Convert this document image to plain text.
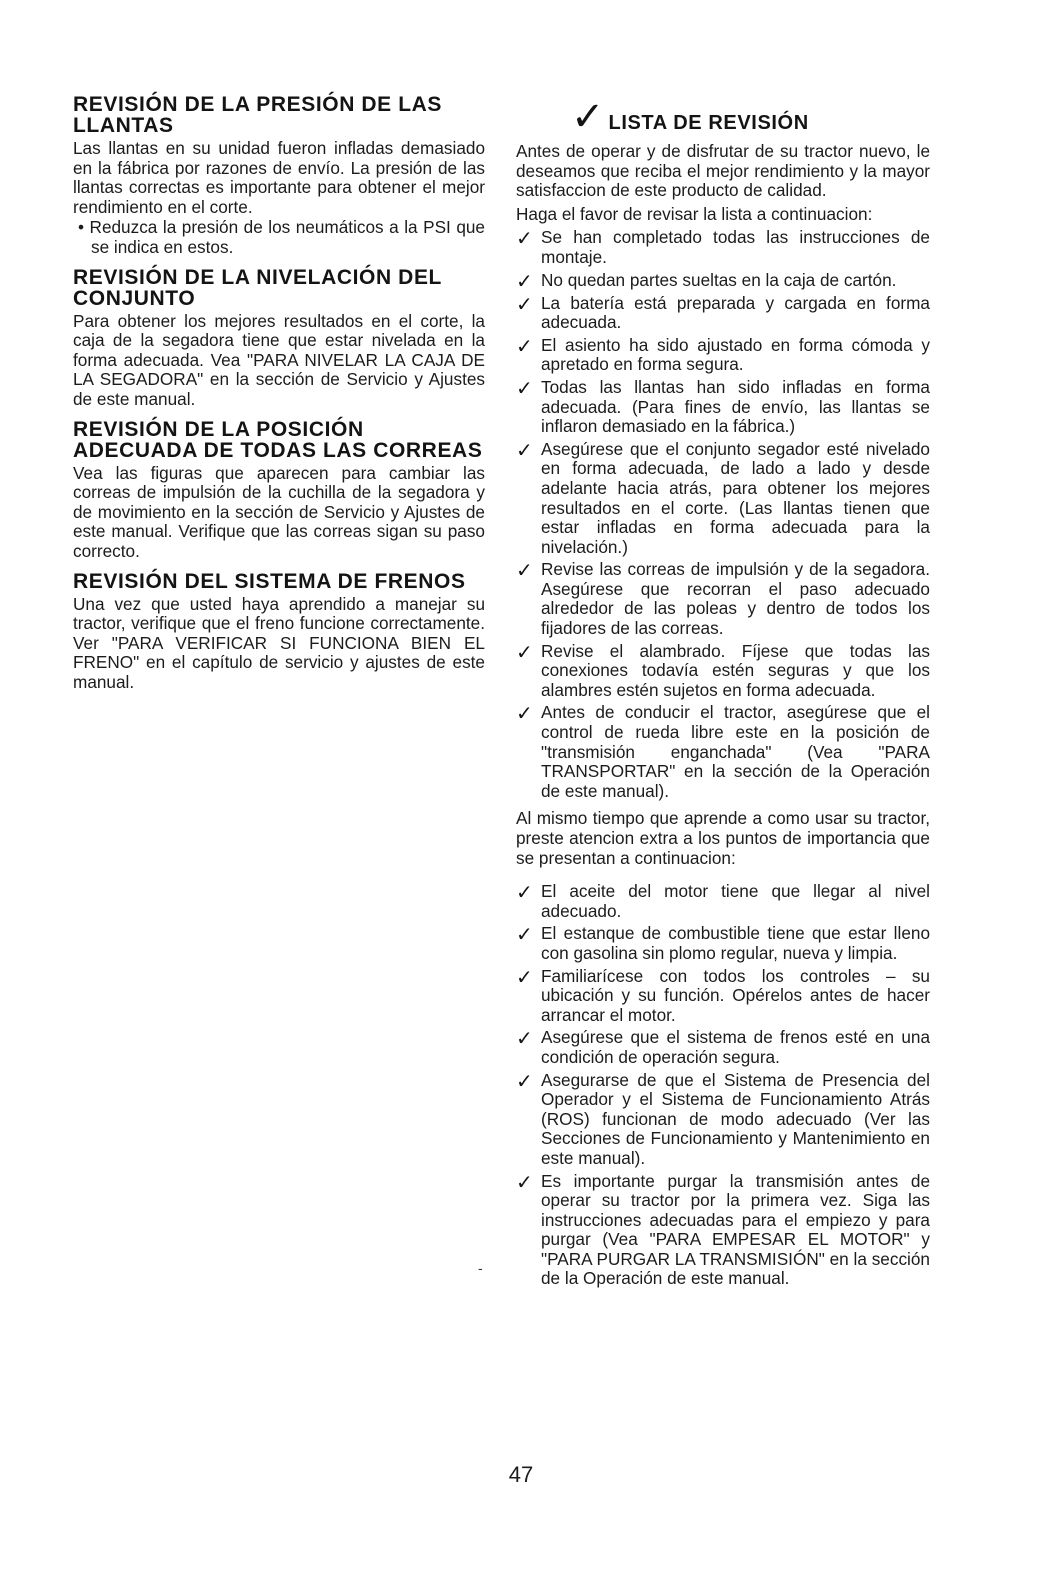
REVISIÓN DE LA PRESIÓN DE LAS LLANTAS

Las llantas en su unidad fueron infladas demasiado en la fábrica por razones de envío. La presión de las llantas correctas es importante para obtener el mejor rendimiento en el corte.

• Reduzca la presión de los neumáticos a la PSI que se indica en estos.

REVISIÓN DE LA NIVELACIÓN DEL CONJUNTO

Para obtener los mejores resultados en el corte, la caja de la segadora tiene que estar nivelada en la forma adecuada. Vea "PARA NIVELAR LA CAJA DE LA SEGADORA" en la sección de Servicio y Ajustes de este manual.

REVISIÓN DE LA POSICIÓN ADECUADA DE TODAS LAS CORREAS

Vea las figuras que aparecen para cambiar las correas de impulsión de la cuchilla de la segadora y de movimiento en la sección de Servicio y Ajustes de este manual. Verifique que las correas sigan su paso correcto.

REVISIÓN DEL SISTEMA DE FRENOS

Una vez que usted haya aprendido a manejar su tractor, verifique que el freno funcione correctamente. Ver "PARA VERIFICAR SI FUNCIONA BIEN EL FRENO" en el capítulo de servicio y ajustes de este manual.

✓ LISTA DE REVISIÓN

Antes de operar y de disfrutar de su tractor nuevo, le deseamos que reciba el mejor rendimiento y la mayor satisfaccion de este producto de calidad.

Haga el favor de revisar la lista a continuacion:

✓ Se han completado todas las instrucciones de montaje.
✓ No quedan partes sueltas en la caja de cartón.
✓ La batería está preparada y cargada en forma adecuada.
✓ El asiento ha sido ajustado en forma cómoda y apretado en forma segura.
✓ Todas las llantas han sido infladas en forma adecuada. (Para fines de envío, las llantas se inflaron demasiado en la fábrica.)
✓ Asegúrese que el conjunto segador esté nivelado en forma adecuada, de lado a lado y desde adelante hacia atrás, para obtener los mejores resultados en el corte. (Las llantas tienen que estar infladas en forma adecuada para la nivelación.)
✓ Revise las correas de impulsión y de la segadora. Asegúrese que recorran el paso adecuado alrededor de las poleas y dentro de todos los fijadores de las correas.
✓ Revise el alambrado. Fíjese que todas las conexiones todavía estén seguras y que los alambres estén sujetos en forma adecuada.
✓ Antes de conducir el tractor, asegúrese que el control de rueda libre este en la posición de "transmisión enganchada" (Vea "PARA TRANSPORTAR" en la sección de la Operación de este manual).

Al mismo tiempo que aprende a como usar su tractor, preste atencion extra a los puntos de importancia que se presentan a continuacion:

✓ El aceite del motor tiene que llegar al nivel adecuado.
✓ El estanque de combustible tiene que estar lleno con gasolina sin plomo regular, nueva y limpia.
✓ Familiarícese con todos los controles – su ubicación y su función. Opérelos antes de hacer arrancar el motor.
✓ Asegúrese que el sistema de frenos esté en una condición de operación segura.
✓ Asegurarse de que el Sistema de Presencia del Operador y el Sistema de Funcionamiento Atrás (ROS) funcionan de modo adecuado (Ver las Secciones de Funcionamiento y Mantenimiento en este manual).
✓ Es importante purgar la transmisión antes de operar su tractor por la primera vez. Siga las instrucciones adecuadas para el empiezo y para purgar (Vea "PARA EMPESAR EL MOTOR" y "PARA PURGAR LA TRANSMISIÓN" en la sección de la Operación de este manual.
-
47
